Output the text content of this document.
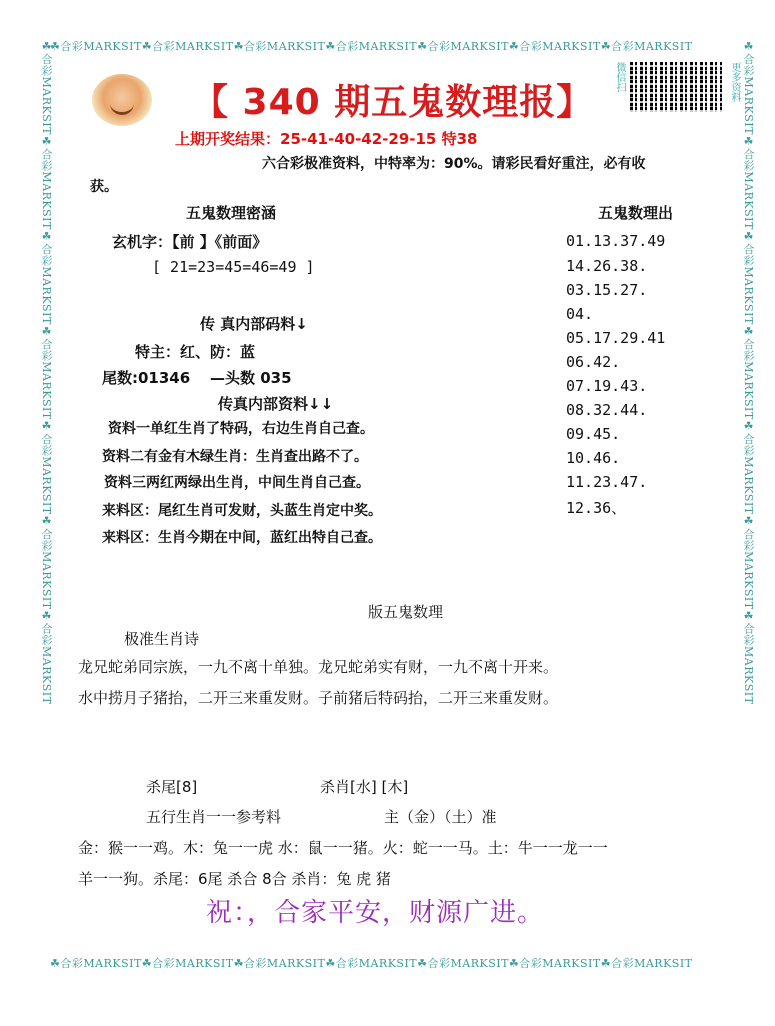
☘合彩MARKSIT☘合彩MARKSIT☘合彩MARKSIT☘合彩MARKSIT☘合彩MARKSIT☘合彩MARKSIT☘合彩MARKSIT
☘合彩MARKSIT☘合彩MARKSIT☘合彩MARKSIT☘合彩MARKSIT☘合彩MARKSIT☘合彩MARKSIT☘合彩MARKSIT
☘合彩MARKSIT☘合彩MARKSIT☘合彩MARKSIT☘合彩MARKSIT☘合彩MARKSIT☘合彩MARKSIT☘合彩MARKSIT	☘合彩MARKSIT☘合彩MARKSIT☘合彩MARKSIT☘合彩MARKSIT☘合彩MARKSIT☘合彩MARKSIT☘合彩MARKSIT
【 340 期五鬼数理报】
微信扫	更多资料
上期开奖结果：25-41-40-42-29-15 特38
六合彩极准资料，中特率为：90%。请彩民看好重注，必有收
获。
五鬼数理密涵
玄机字：【前 】《前面》
[ 21=23=45=46=49 ]
传 真内部码料↓
特主：红、防：蓝
尾数:01346 —头数 035
传真内部资料↓↓
资料一单红生肖了特码，右边生肖自己查。
资料二有金有木绿生肖：生肖查出路不了。
资料三两红两绿出生肖，中间生肖自己查。
来料区：尾红生肖可发财，头蓝生肖定中奖。
来料区：生肖今期在中间，蓝红出特自己查。
五鬼数理出
01.13.37.49
14.26.38.
03.15.27.
04.
05.17.29.41
06.42.
07.19.43.
08.32.44.
09.45.
10.46.
11.23.47.
12.36、
版五鬼数理
极准生肖诗
龙兄蛇弟同宗族，一九不离十单独。龙兄蛇弟实有财，一九不离十开来。
水中捞月子猪抬，二开三来重发财。子前猪后特码抬，二开三来重发财。
杀尾[8]	杀肖[水] [木]
五行生肖一一参考料	主（金）（土）准
金：猴一一鸡。木：兔一一虎 水：鼠一一猪。火：蛇一一马。土：牛一一龙一一
羊一一狗。杀尾：6尾 杀合 8合 杀肖：兔 虎 猪
祝：，合家平安，财源广进。
